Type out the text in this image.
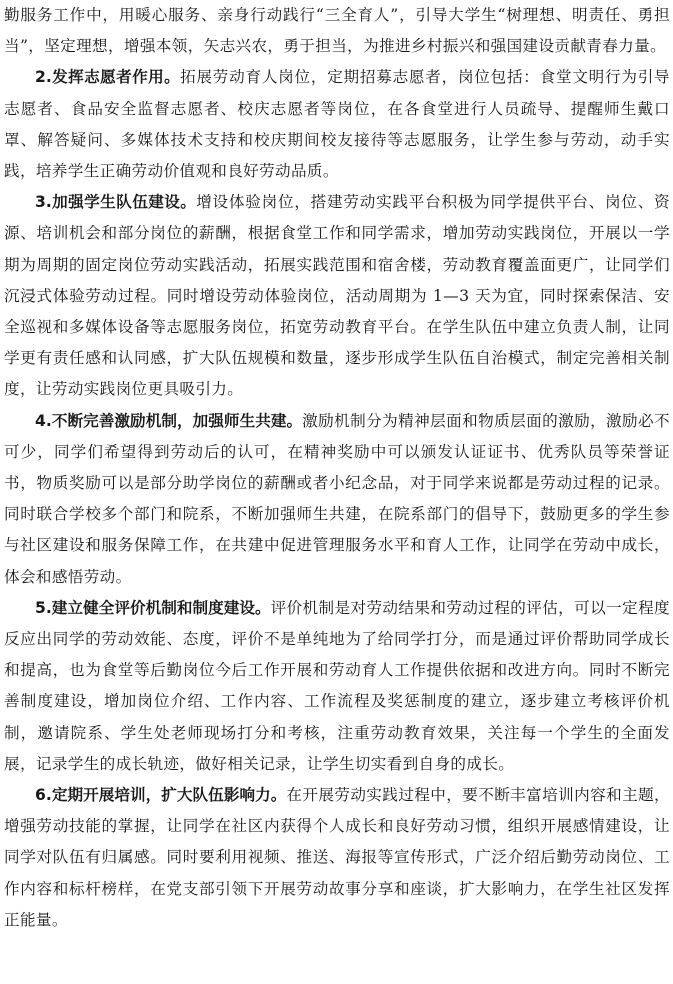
勤服务工作中，用暖心服务、亲身行动践行“三全育人”，引导大学生“树理想、明责任、勇担当”，坚定理想，增强本领，矢志兴农，勇于担当，为推进乡村振兴和强国建设贡献青春力量。

2.发挥志愿者作用。拓展劳动育人岗位，定期招募志愿者，岗位包括：食堂文明行为引导志愿者、食品安全监督志愿者、校庆志愿者等岗位，在各食堂进行人员疏导、提醒师生戴口罩、解答疑问、多媒体技术支持和校庆期间校友接待等志愿服务，让学生参与劳动，动手实践，培养学生正确劳动价值观和良好劳动品质。

3.加强学生队伍建设。增设体验岗位，搭建劳动实践平台积极为同学提供平台、岗位、资源、培训机会和部分岗位的薪酬，根据食堂工作和同学需求，增加劳动实践岗位，开展以一学期为周期的固定岗位劳动实践活动，拓展实践范围和宿舍楼，劳动教育覆盖面更广，让同学们沉浸式体验劳动过程。同时增设劳动体验岗位，活动周期为 1—3 天为宜，同时探索保洁、安全巡视和多媒体设备等志愿服务岗位，拓宽劳动教育平台。在学生队伍中建立负责人制，让同学更有责任感和认同感，扩大队伍规模和数量，逐步形成学生队伍自治模式，制定完善相关制度，让劳动实践岗位更具吸引力。

4.不断完善激励机制，加强师生共建。激励机制分为精神层面和物质层面的激励，激励必不可少，同学们希望得到劳动后的认可，在精神奖励中可以颁发认证证书、优秀队员等荣誉证书，物质奖励可以是部分助学岗位的薪酬或者小纪念品，对于同学来说都是劳动过程的记录。同时联合学校多个部门和院系，不断加强师生共建，在院系部门的倡导下，鼓励更多的学生参与社区建设和服务保障工作，在共建中促进管理服务水平和育人工作，让同学在劳动中成长，体会和感悟劳动。

5.建立健全评价机制和制度建设。评价机制是对劳动结果和劳动过程的评估，可以一定程度反应出同学的劳动效能、态度，评价不是单纯地为了给同学打分，而是通过评价帮助同学成长和提高，也为食堂等后勤岗位今后工作开展和劳动育人工作提供依据和改进方向。同时不断完善制度建设，增加岗位介绍、工作内容、工作流程及奖惩制度的建立，逐步建立考核评价机制，邀请院系、学生处老师现场打分和考核，注重劳动教育效果，关注每一个学生的全面发展，记录学生的成长轨迹，做好相关记录，让学生切实看到自身的成长。

6.定期开展培训，扩大队伍影响力。在开展劳动实践过程中，要不断丰富培训内容和主题，增强劳动技能的掌握，让同学在社区内获得个人成长和良好劳动习惯，组织开展感情建设，让同学对队伍有归属感。同时要利用视频、推送、海报等宣传形式，广泛介绍后勤劳动岗位、工作内容和标杆榜样，在党支部引领下开展劳动故事分享和座谈，扩大影响力，在学生社区发挥正能量。
